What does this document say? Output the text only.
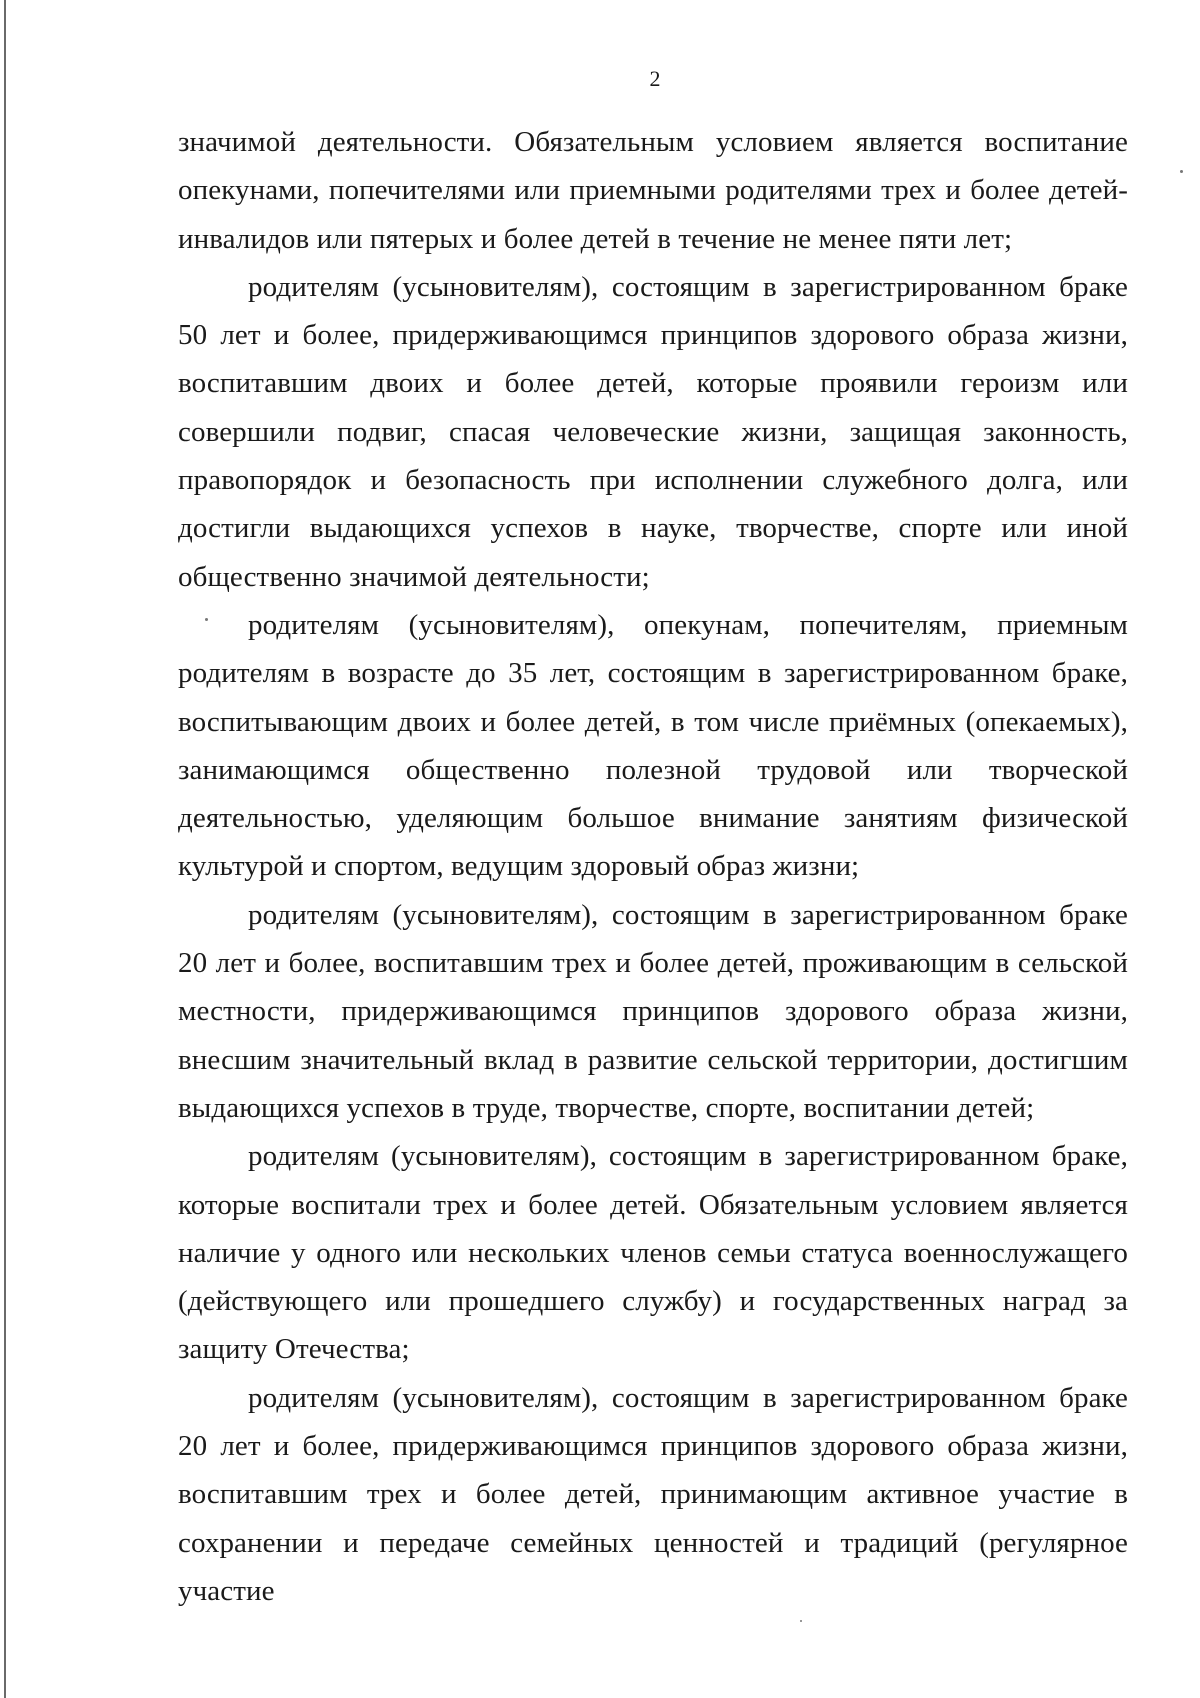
2

значимой деятельности. Обязательным условием является воспитание опекунами, попечителями или приемными родителями трех и более детей-инвалидов или пятерых и более детей в течение не менее пяти лет;

родителям (усыновителям), состоящим в зарегистрированном браке 50 лет и более, придерживающимся принципов здорового образа жизни, воспитавшим двоих и более детей, которые проявили героизм или совершили подвиг, спасая человеческие жизни, защищая законность, правопорядок и безопасность при исполнении служебного долга, или достигли выдающихся успехов в науке, творчестве, спорте или иной общественно значимой деятельности;

родителям (усыновителям), опекунам, попечителям, приемным родителям в возрасте до 35 лет, состоящим в зарегистрированном браке, воспитывающим двоих и более детей, в том числе приёмных (опекаемых), занимающимся общественно полезной трудовой или творческой деятельностью, уделяющим большое внимание занятиям физической культурой и спортом, ведущим здоровый образ жизни;

родителям (усыновителям), состоящим в зарегистрированном браке 20 лет и более, воспитавшим трех и более детей, проживающим в сельской местности, придерживающимся принципов здорового образа жизни, внесшим значительный вклад в развитие сельской территории, достигшим выдающихся успехов в труде, творчестве, спорте, воспитании детей;

родителям (усыновителям), состоящим в зарегистрированном браке, которые воспитали трех и более детей. Обязательным условием является наличие у одного или нескольких членов семьи статуса военнослужащего (действующего или прошедшего службу) и государственных наград за защиту Отечества;

родителям (усыновителям), состоящим в зарегистрированном браке 20 лет и более, придерживающимся принципов здорового образа жизни, воспитавшим трех и более детей, принимающим активное участие в сохранении и передаче семейных ценностей и традиций (регулярное участие
